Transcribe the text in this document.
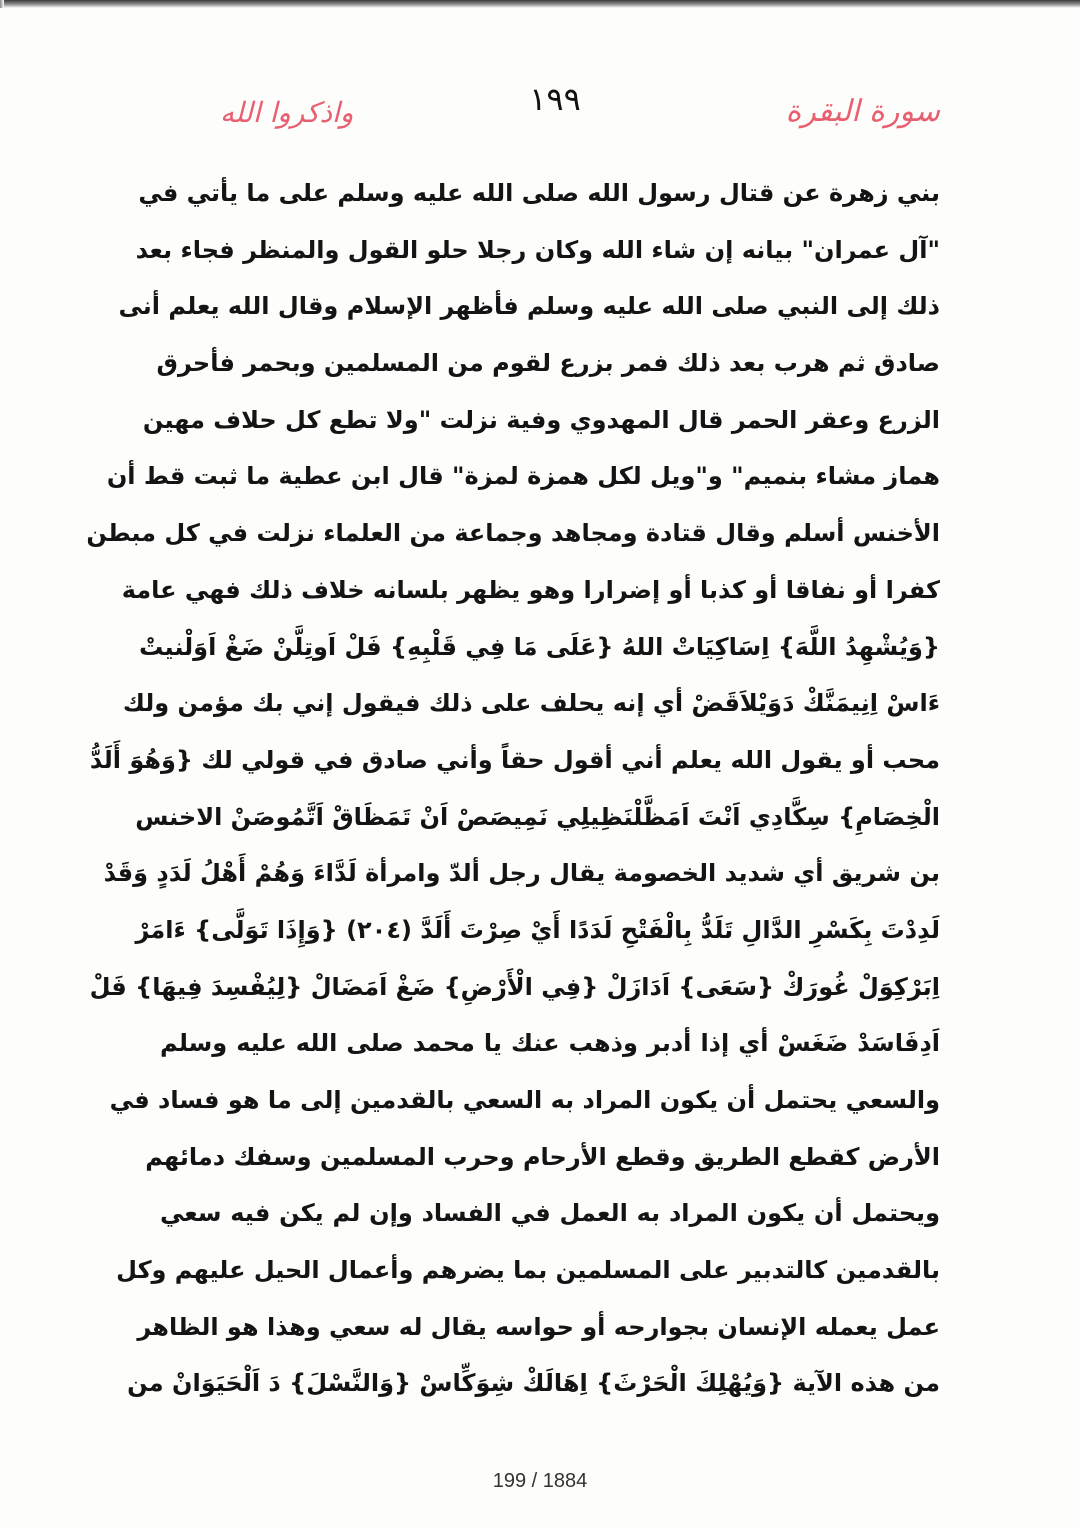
١٩٩	سورة البقرة
واذكروا الله
بني زهرة عن قتال رسول الله صلى الله عليه وسلم على ما يأتي في
"آل عمران" بيانه إن شاء الله وكان رجلا حلو القول والمنظر فجاء بعد
ذلك إلى النبي صلى الله عليه وسلم فأظهر الإسلام وقال الله يعلم أنى
صادق ثم هرب بعد ذلك فمر بزرع لقوم من المسلمين وبحمر فأحرق
الزرع وعقر الحمر قال المهدوي وفية نزلت "ولا تطع كل حلاف مهين
هماز مشاء بنميم" و"ويل لكل همزة لمزة" قال ابن عطية ما ثبت قط أن
الأخنس أسلم وقال قتادة ومجاهد وجماعة من العلماء نزلت في كل مبطن
كفرا أو نفاقا أو كذبا أو إضرارا وهو يظهر بلسانه خلاف ذلك فهي عامة
{وَيُشْهِدُ اللَّهَ} اِسَاكِيَاتْ اللهُ {عَلَى مَا فِي قَلْبِهِ} فَلْ اَوتِلَّنْ ضَغْ اَوَلْنيتْ
ءَاسْ اِنِيمَنَّكْ دَوَيْلاَقَضْ أي إنه يحلف على ذلك فيقول إني بك مؤمن ولك
محب أو يقول الله يعلم أني أقول حقاً وأني صادق في قولي لك {وَهُوَ أَلَدُّ
الْخِصَامِ} سِكَّادِي اَنْتَ اَمَظَّلْنَظِيلِي نَمِيصَصْ اَنْ تَمَظَاقْ اَتَّمُوصَنْ الاخنس
بن شريق أي شديد الخصومة يقال رجل ألدّ وامرأة لَدَّاءَ وَهُمْ أَهْلُ لَدَدٍ وَقَدْ
لَدِدْتَ بِكَسْرِ الدَّالِ تَلَدُّ بِالْفَتْحِ لَدَدًا أَيْ صِرْتَ أَلَدَّ (٢٠٤) {وَإِذَا تَوَلَّى} ءَامَرْ
اِبَرْكِوَلْ غُورَكْ {سَعَى} اَدَازَلْ {فِي الْأَرْضِ} ضَغْ اَمَضَالْ {لِيُفْسِدَ فِيهَا} فَلْ
اَدِفَاسَدْ ضَغَسْ أي إذا أدبر وذهب عنك يا محمد صلى الله عليه وسلم
والسعي يحتمل أن يكون المراد به السعي بالقدمين إلى ما هو فساد في
الأرض كقطع الطريق وقطع الأرحام وحرب المسلمين وسفك دمائهم
ويحتمل أن يكون المراد به العمل في الفساد وإن لم يكن فيه سعي
بالقدمين كالتدبير على المسلمين بما يضرهم وأعمال الحيل عليهم وكل
عمل يعمله الإنسان بجوارحه أو حواسه يقال له سعي وهذا هو الظاهر
من هذه الآية {وَيُهْلِكَ الْحَرْثَ} اِهَالَكْ شِوَكِّاسْ {وَالنَّسْلَ} دَ اَلْحَيَوَانْ من
199 / 1884
